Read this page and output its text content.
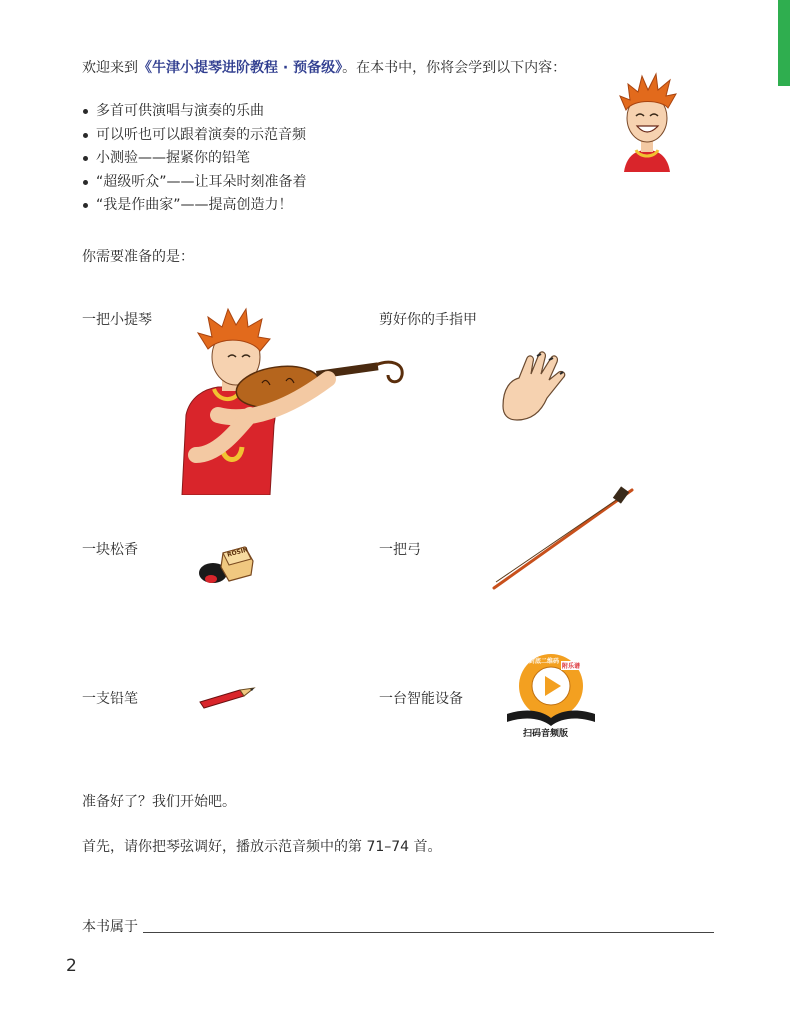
欢迎来到《牛津小提琴进阶教程 · 预备级》。在本书中，你将会学到以下内容：
多首可供演唱与演奏的乐曲
可以听也可以跟着演奏的示范音频
小测验——握紧你的铅笔
“超级听众”——让耳朵时刻准备着
“我是作曲家”——提高创造力！
你需要准备的是：
一把小提琴	剪好你的手指甲
一块松香	一把弓
ROSIN
一支铅笔	一台智能设备
扫描封底二维码
附乐谱
扫码音频版
准备好了？我们开始吧。
首先，请你把琴弦调好，播放示范音频中的第 71–74 首。
本书属于
2
